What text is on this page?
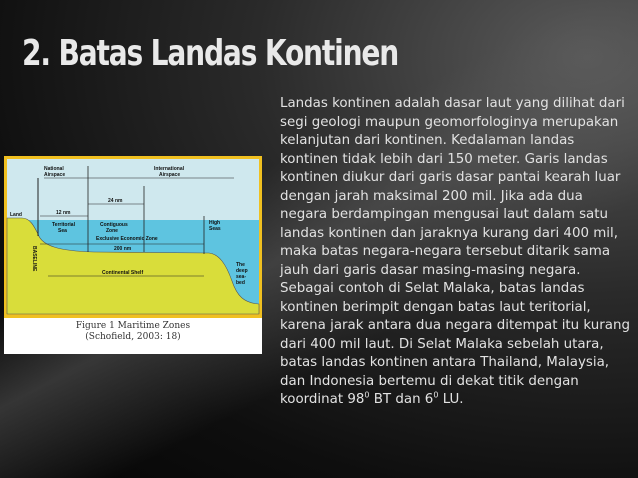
2. Batas Landas Kontinen
National
Airspace
International
Airspace
24 nm
12 nm
Land
Territorial
Sea
Contiguous
Zone
High
Seas
Exclusive Economic Zone
200 nm
BASELINE
Continental Shelf
The
deep
sea-
bed
Figure 1 Maritime Zones
(Schofield, 2003: 18)

Landas kontinen adalah dasar laut yang dilihat dari segi geologi maupun geomorfologinya merupakan kelanjutan dari kontinen. Kedalaman landas kontinen tidak lebih dari 150 meter. Garis landas kontinen diukur dari garis dasar pantai kearah luar dengan jarah maksimal 200 mil. Jika ada dua negara berdampingan mengusai laut dalam satu landas kontinen dan jaraknya kurang dari 400 mil, maka batas negara-negara tersebut ditarik sama jauh dari garis dasar masing-masing negara. Sebagai contoh di Selat Malaka, batas landas kontinen berimpit dengan batas laut teritorial, karena jarak antara dua negara ditempat itu kurang dari 400 mil laut. Di Selat Malaka sebelah utara, batas landas kontinen antara Thailand, Malaysia, dan Indonesia bertemu di dekat titik dengan koordinat $98^0$ BT dan $6^0$ LU.
